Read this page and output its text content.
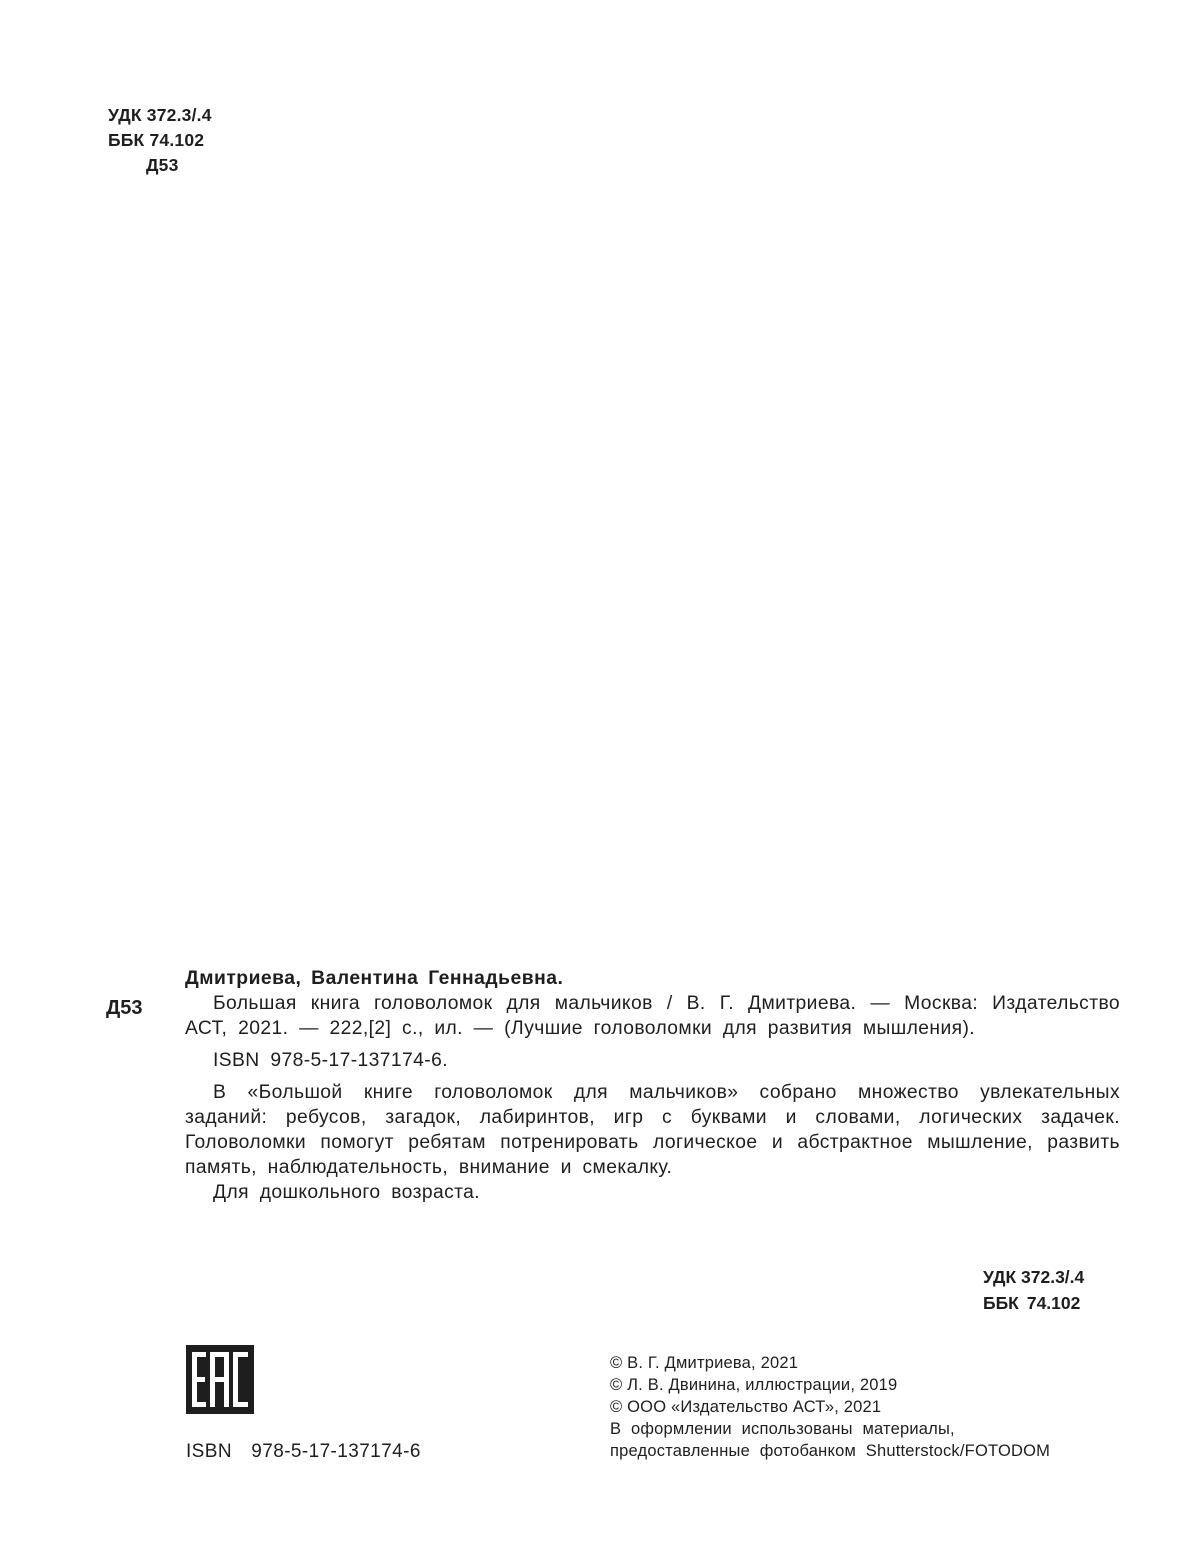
УДК 372.3/.4
ББК 74.102
Д53
Д53

Дмитриева, Валентина Геннадьевна.

Большая книга головоломок для мальчиков / В. Г. Дмитриева. — Москва: Издательство АСТ, 2021. — 222,[2] с., ил. — (Лучшие головоломки для развития мышления).

ISBN 978-5-17-137174-6.

В «Большой книге головоломок для мальчиков» собрано множество увлекательных заданий: ребусов, загадок, лабиринтов, игр с буквами и словами, логических задачек. Головоломки помогут ребятам потренировать логическое и абстрактное мышление, развить память, наблюдательность, внимание и смекалку.

Для дошкольного возраста.

УДК 372.3/.4
ББК 74.102
ISBN  978-5-17-137174-6
© В. Г. Дмитриева, 2021
© Л. В. Двинина, иллюстрации, 2019
© ООО «Издательство АСТ», 2021
В оформлении использованы материалы,
предоставленные фотобанком Shutterstock/FOTODOM
